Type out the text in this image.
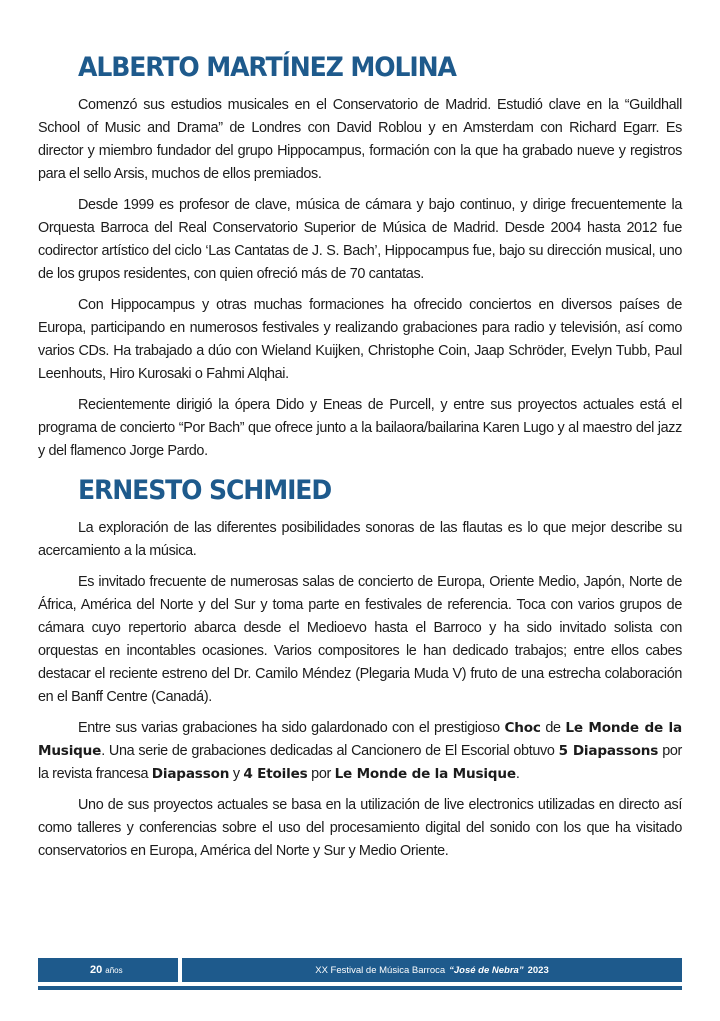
ALBERTO MARTÍNEZ MOLINA

Comenzó sus estudios musicales en el Conservatorio de Madrid. Estudió clave en la “Guildhall School of Music and Drama” de Londres con David Roblou y en Amsterdam con Richard Egarr. Es director y miembro fundador del grupo Hippocampus, formación con la que ha grabado nueve y registros para el sello Arsis, muchos de ellos premiados.

Desde 1999 es profesor de clave, música de cámara y bajo continuo, y dirige frecuentemente la Orquesta Barroca del Real Conservatorio Superior de Música de Madrid. Desde 2004 hasta 2012 fue codirector artístico del ciclo ‘Las Cantatas de J. S. Bach’, Hippocampus fue, bajo su dirección musical, uno de los grupos residentes, con quien ofreció más de 70 cantatas.

Con Hippocampus y otras muchas formaciones ha ofrecido conciertos en diversos países de Europa, participando en numerosos festivales y realizando grabaciones para radio y televisión, así como varios CDs. Ha trabajado a dúo con Wieland Kuijken, Christophe Coin, Jaap Schröder, Evelyn Tubb, Paul Leenhouts, Hiro Kurosaki o Fahmi Alqhai.

Recientemente dirigió la ópera Dido y Eneas de Purcell, y entre sus proyectos actuales está el programa de concierto “Por Bach” que ofrece junto a la bailaora/bailarina Karen Lugo y al maestro del jazz y del flamenco Jorge Pardo.

ERNESTO SCHMIED

La exploración de las diferentes posibilidades sonoras de las flautas es lo que mejor describe su acercamiento a la música.

Es invitado frecuente de numerosas salas de concierto de Europa, Oriente Medio, Japón, Norte de África, América del Norte y del Sur y toma parte en festivales de referencia. Toca con varios grupos de cámara cuyo repertorio abarca desde el Medioevo hasta el Barroco y ha sido invitado solista con orquestas en incontables ocasiones. Varios compositores le han dedicado trabajos; entre ellos cabes destacar el reciente estreno del Dr. Camilo Méndez (Plegaria Muda V) fruto de una estrecha colaboración en el Banff Centre (Canadá).

Entre sus varias grabaciones ha sido galardonado con el prestigioso Choc de Le Monde de la Musique. Una serie de grabaciones dedicadas al Cancionero de El Escorial obtuvo 5 Diapassons por la revista francesa Diapasson y 4 Etoiles por Le Monde de la Musique.

Uno de sus proyectos actuales se basa en la utilización de live electronics utilizadas en directo así como talleres y conferencias sobre el uso del procesamiento digital del sonido con los que ha visitado conservatorios en Europa, América del Norte y Sur y Medio Oriente.

20 años	XX Festival de Música Barroca “José de Nebra” 2023
